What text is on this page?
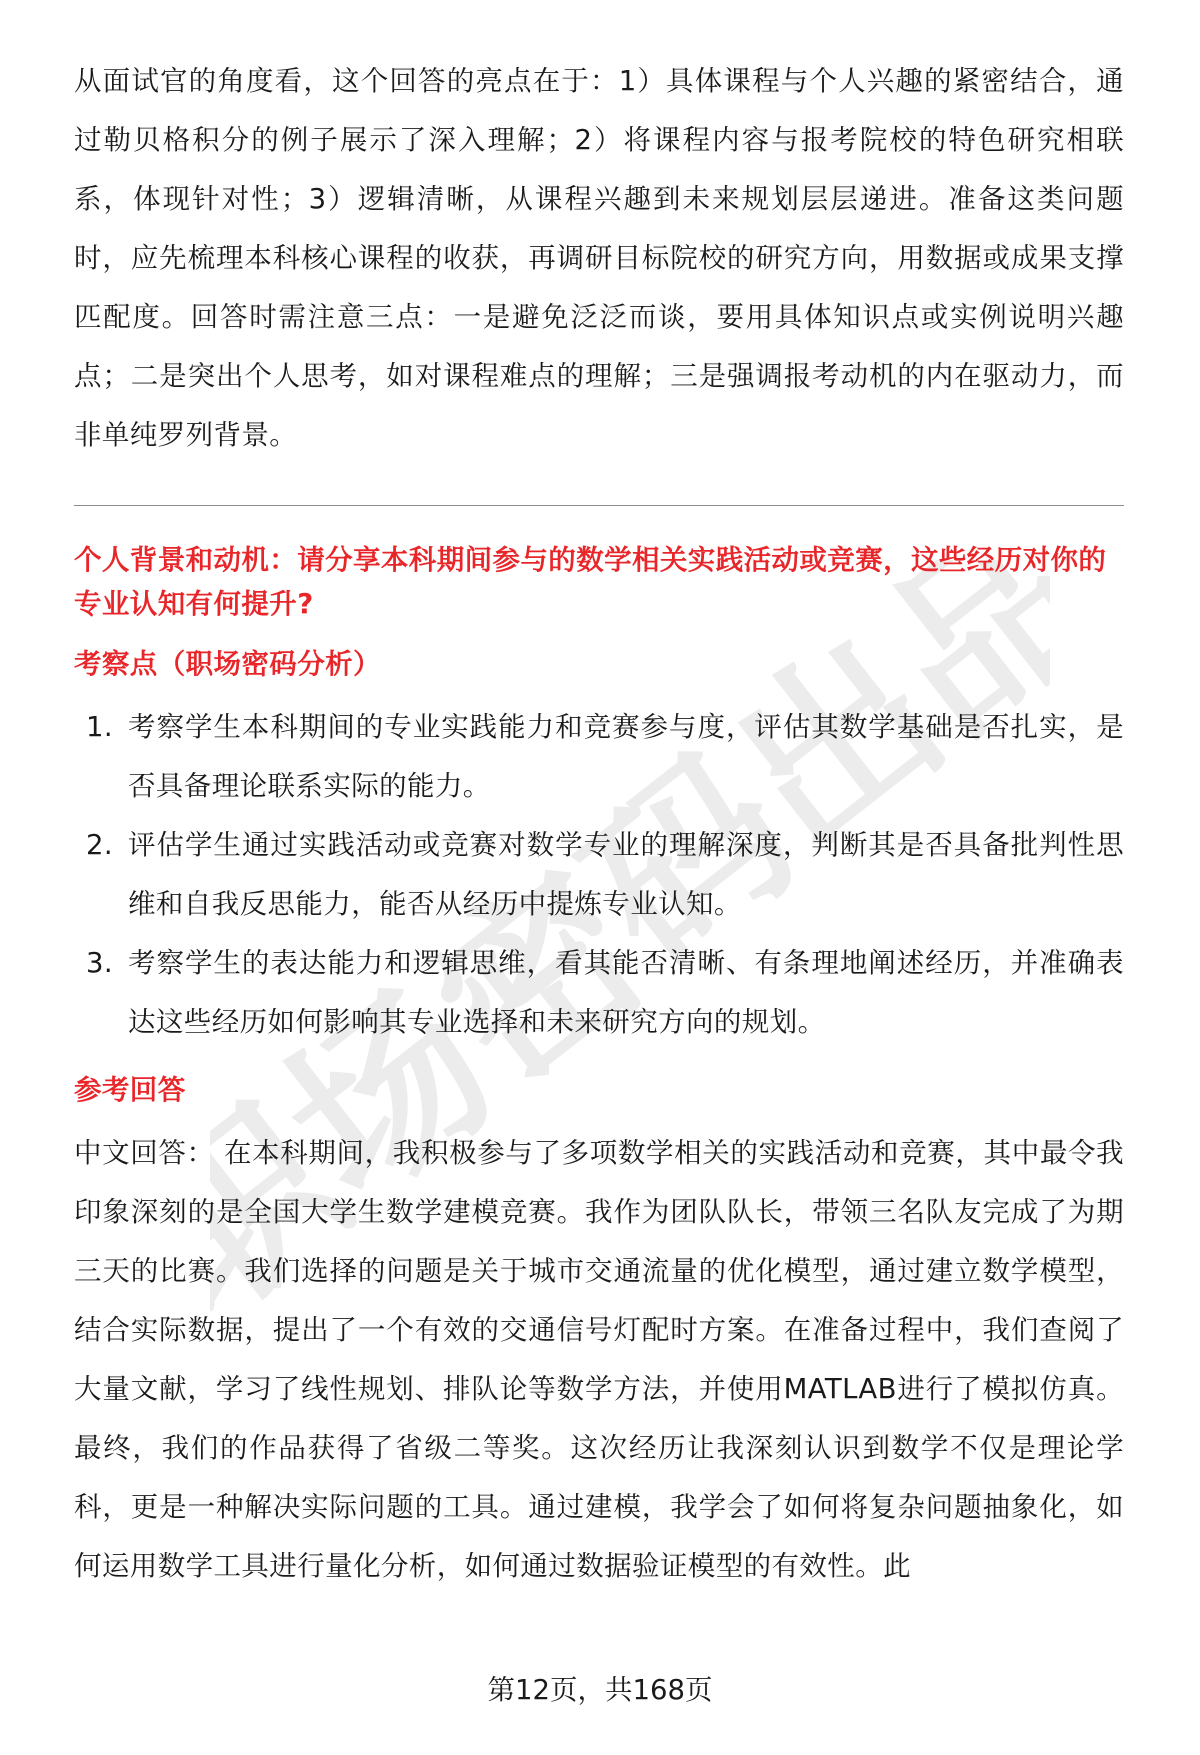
职场密码出品

从面试官的角度看，这个回答的亮点在于：1）具体课程与个人兴趣的紧密结合，通过勒贝格积分的例子展示了深入理解；2）将课程内容与报考院校的特色研究相联系，体现针对性；3）逻辑清晰，从课程兴趣到未来规划层层递进。准备这类问题时，应先梳理本科核心课程的收获，再调研目标院校的研究方向，用数据或成果支撑匹配度。回答时需注意三点：一是避免泛泛而谈，要用具体知识点或实例说明兴趣点；二是突出个人思考，如对课程难点的理解；三是强调报考动机的内在驱动力，而非单纯罗列背景。

个人背景和动机：请分享本科期间参与的数学相关实践活动或竞赛，这些经历对你的专业认知有何提升?

考察点（职场密码分析）
1. 考察学生本科期间的专业实践能力和竞赛参与度，评估其数学基础是否扎实，是否具备理论联系实际的能力。
2. 评估学生通过实践活动或竞赛对数学专业的理解深度，判断其是否具备批判性思维和自我反思能力，能否从经历中提炼专业认知。
3. 考察学生的表达能力和逻辑思维，看其能否清晰、有条理地阐述经历，并准确表达这些经历如何影响其专业选择和未来研究方向的规划。
参考回答

中文回答： 在本科期间，我积极参与了多项数学相关的实践活动和竞赛，其中最令我印象深刻的是全国大学生数学建模竞赛。我作为团队队长，带领三名队友完成了为期三天的比赛。我们选择的问题是关于城市交通流量的优化模型，通过建立数学模型，结合实际数据，提出了一个有效的交通信号灯配时方案。在准备过程中，我们查阅了大量文献，学习了线性规划、排队论等数学方法，并使用MATLAB进行了模拟仿真。最终，我们的作品获得了省级二等奖。这次经历让我深刻认识到数学不仅是理论学科，更是一种解决实际问题的工具。通过建模，我学会了如何将复杂问题抽象化，如何运用数学工具进行量化分析，如何通过数据验证模型的有效性。此

第12页，共168页
